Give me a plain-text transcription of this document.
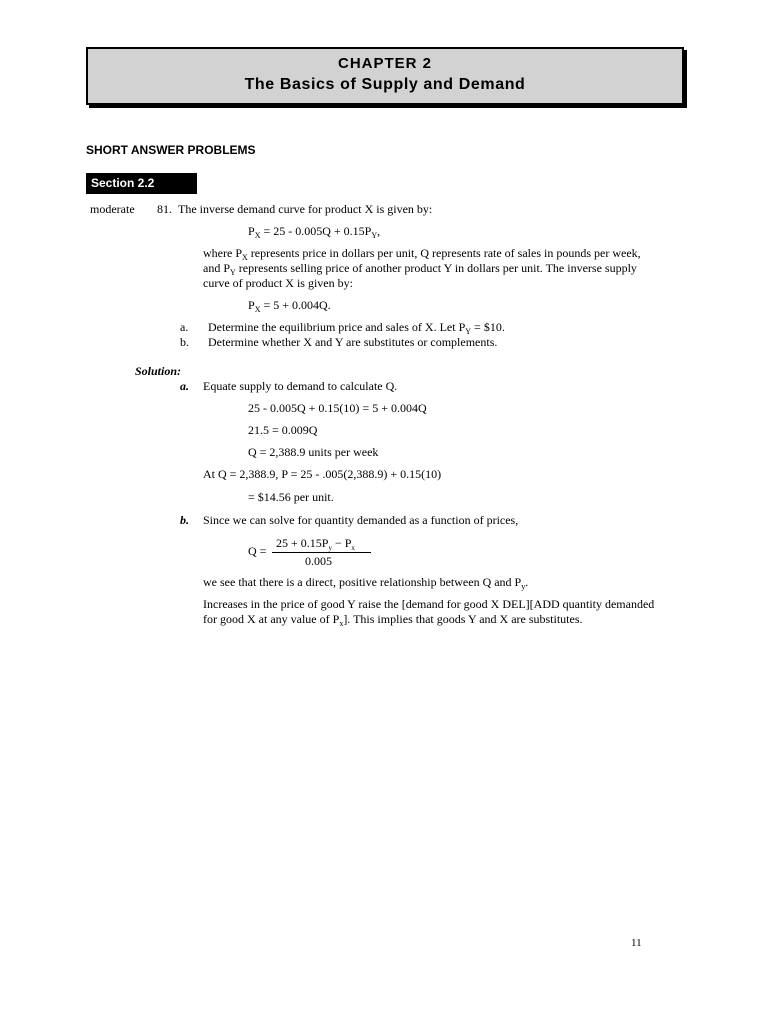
CHAPTER 2
The Basics of Supply and Demand
SHORT ANSWER PROBLEMS
Section 2.2
moderate 81. The inverse demand curve for product X is given by:
$P_X = 25 - 0.005Q + 0.15P_Y$,
where $P_X$ represents price in dollars per unit, Q represents rate of sales in pounds per week,
and $P_Y$ represents selling price of another product Y in dollars per unit. The inverse supply
curve of product X is given by:
$P_X = 5 + 0.004Q$.
a. Determine the equilibrium price and sales of X. Let $P_Y$ = $10.
b. Determine whether X and Y are substitutes or complements.
Solution:
a. Equate supply to demand to calculate Q.
25 - 0.005Q + 0.15(10) = 5 + 0.004Q
21.5 = 0.009Q
Q = 2,388.9 units per week
At Q = 2,388.9, P = 25 - .005(2,388.9) + 0.15(10)
= $14.56 per unit.
b. Since we can solve for quantity demanded as a function of prices,
Q =
$25 + 0.15P_y - P_x$
0.005
we see that there is a direct, positive relationship between Q and $P_y$.
Increases in the price of good Y raise the [demand for good X DEL][ADD quantity demanded
for good X at any value of $P_x$]. This implies that goods Y and X are substitutes.
11
